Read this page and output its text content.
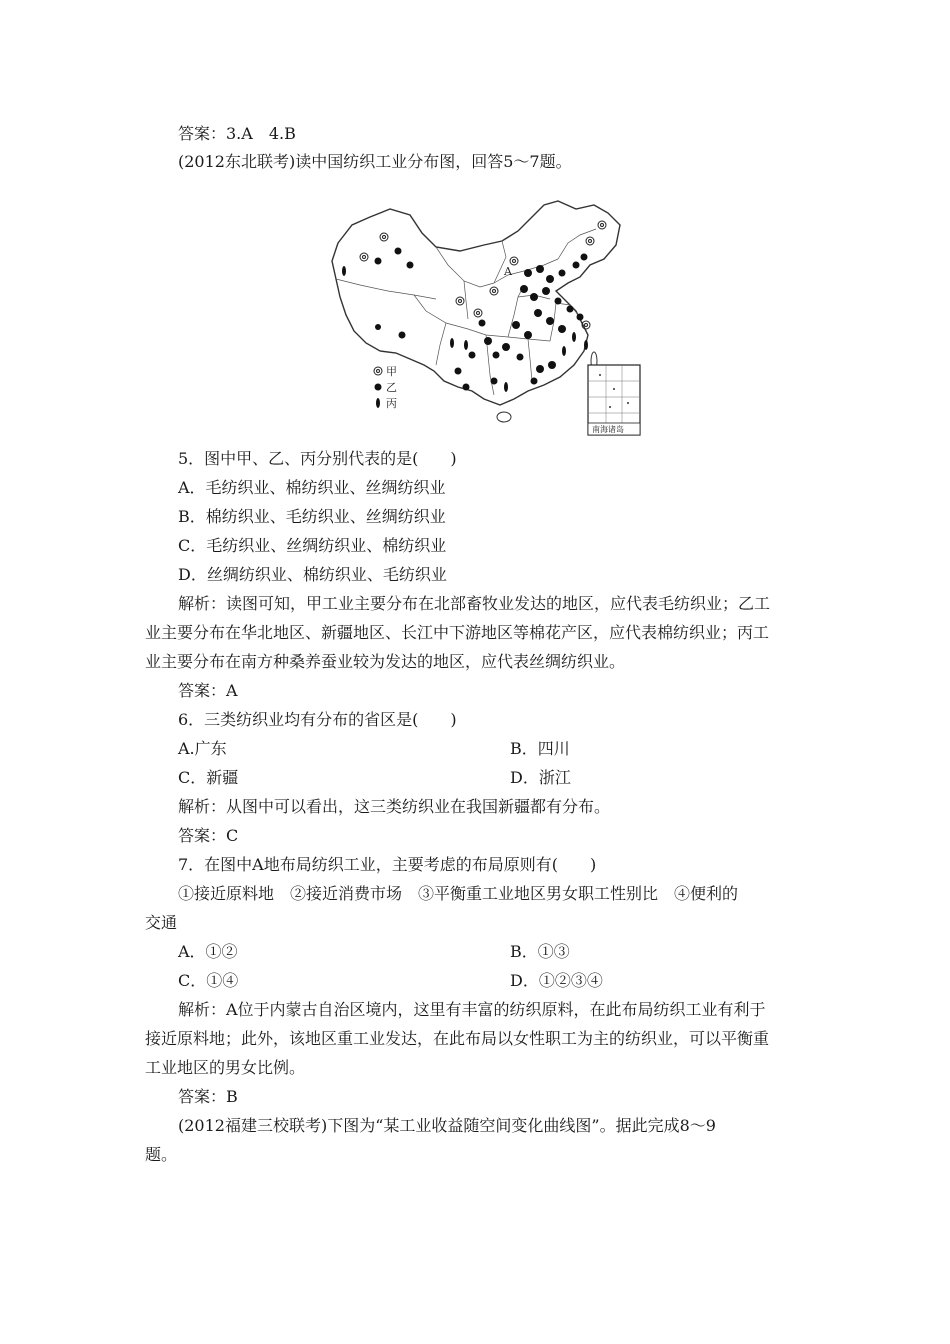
答案：3.A　4.B
(2012东北联考)读中国纺织工业分布图，回答5～7题。
A
甲
乙
丙
南海诸岛
5．图中甲、乙、丙分别代表的是(　　)
A．毛纺织业、棉纺织业、丝绸纺织业
B．棉纺织业、毛纺织业、丝绸纺织业
C．毛纺织业、丝绸纺织业、棉纺织业
D．丝绸纺织业、棉纺织业、毛纺织业
解析：读图可知，甲工业主要分布在北部畜牧业发达的地区，应代表毛纺织业；乙工
业主要分布在华北地区、新疆地区、长江中下游地区等棉花产区，应代表棉纺织业；丙工
业主要分布在南方种桑养蚕业较为发达的地区，应代表丝绸纺织业。
答案：A
6．三类纺织业均有分布的省区是(　　)
A.广东	B．四川
C．新疆	D．浙江
解析：从图中可以看出，这三类纺织业在我国新疆都有分布。
答案：C
7．在图中A地布局纺织工业，主要考虑的布局原则有(　　)
①接近原料地　②接近消费市场　③平衡重工业地区男女职工性别比　④便利的
交通
A．①②	B．①③
C．①④	D．①②③④
解析：A位于内蒙古自治区境内，这里有丰富的纺织原料，在此布局纺织工业有利于
接近原料地；此外，该地区重工业发达，在此布局以女性职工为主的纺织业，可以平衡重
工业地区的男女比例。
答案：B
(2012福建三校联考)下图为“某工业收益随空间变化曲线图”。据此完成8～9
题。
